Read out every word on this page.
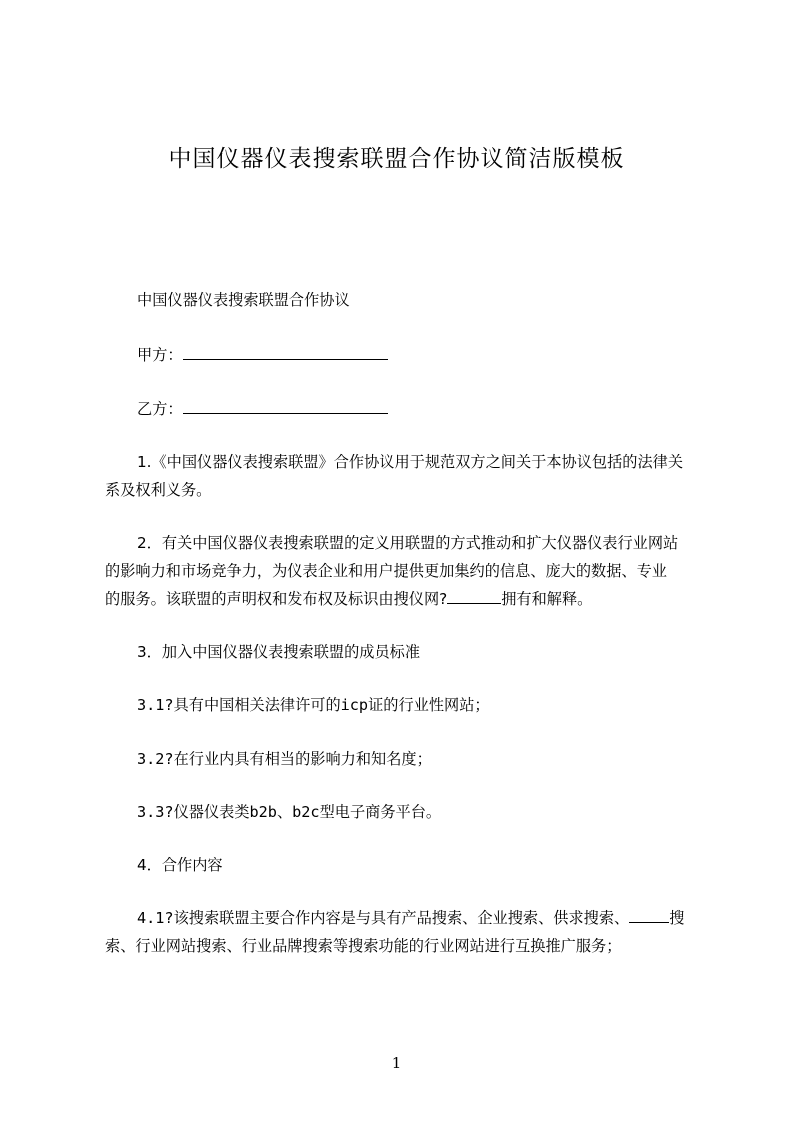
中国仪器仪表搜索联盟合作协议简洁版模板
中国仪器仪表搜索联盟合作协议
甲方：
乙方：
1.《中国仪器仪表搜索联盟》合作协议用于规范双方之间关于本协议包括的法律关
系及权利义务。
2．有关中国仪器仪表搜索联盟的定义用联盟的方式推动和扩大仪器仪表行业网站
的影响力和市场竞争力，为仪表企业和用户提供更加集约的信息、庞大的数据、专业
的服务。该联盟的声明权和发布权及标识由搜仪网?	拥有和解释。
3．加入中国仪器仪表搜索联盟的成员标准
3.1?具有中国相关法律许可的icp证的行业性网站；
3.2?在行业内具有相当的影响力和知名度；
3.3?仪器仪表类b2b、b2c型电子商务平台。
4．合作内容
4.1?该搜索联盟主要合作内容是与具有产品搜索、企业搜索、供求搜索、	搜
索、行业网站搜索、行业品牌搜索等搜索功能的行业网站进行互换推广服务；
1
